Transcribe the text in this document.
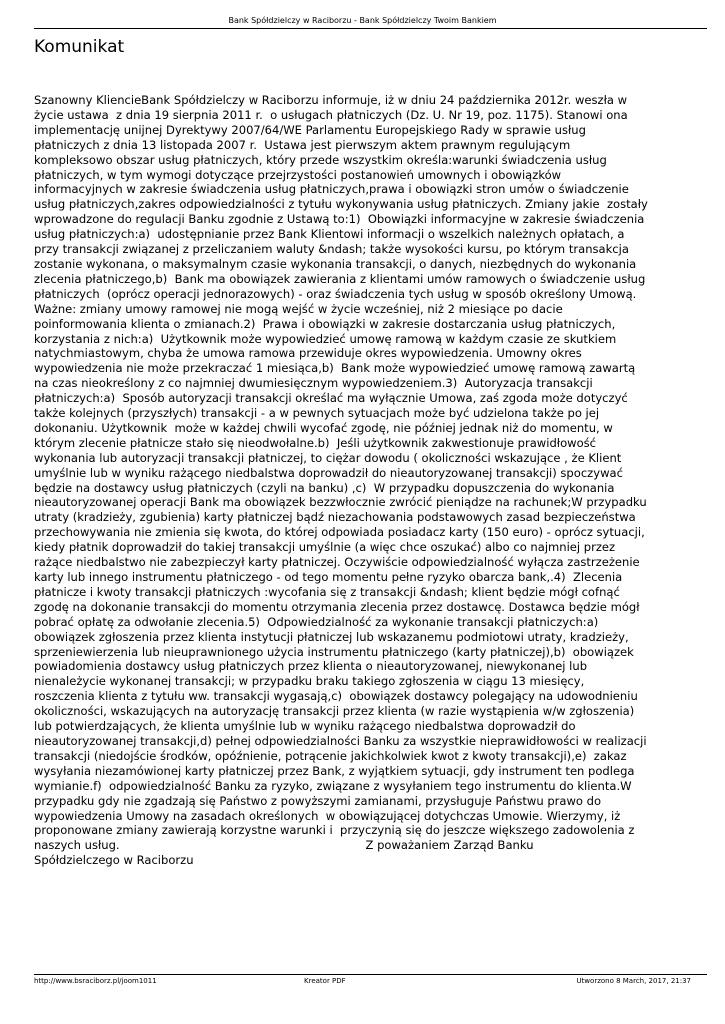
Bank Spółdzielczy w Raciborzu - Bank Spółdzielczy Twoim Bankiem
Komunikat
Szanowny KliencieBank Spółdzielczy w Raciborzu informuje, iż w dniu 24 października 2012r. weszła w
życie ustawa  z dnia 19 sierpnia 2011 r.  o usługach płatniczych (Dz. U. Nr 19, poz. 1175). Stanowi ona
implementację unijnej Dyrektywy 2007/64/WE Parlamentu Europejskiego Rady w sprawie usług
płatniczych z dnia 13 listopada 2007 r.  Ustawa jest pierwszym aktem prawnym regulującym
kompleksowo obszar usług płatniczych, który przede wszystkim określa:warunki świadczenia usług
płatniczych, w tym wymogi dotyczące przejrzystości postanowień umownych i obowiązków
informacyjnych w zakresie świadczenia usług płatniczych,prawa i obowiązki stron umów o świadczenie
usług płatniczych,zakres odpowiedzialności z tytułu wykonywania usług płatniczych. Zmiany jakie  zostały
wprowadzone do regulacji Banku zgodnie z Ustawą to:1)  Obowiązki informacyjne w zakresie świadczenia
usług płatniczych:a)  udostępnianie przez Bank Klientowi informacji o wszelkich należnych opłatach, a
przy transakcji związanej z przeliczaniem waluty &ndash; także wysokości kursu, po którym transakcja
zostanie wykonana, o maksymalnym czasie wykonania transakcji, o danych, niezbędnych do wykonania
zlecenia płatniczego,b)  Bank ma obowiązek zawierania z klientami umów ramowych o świadczenie usług
płatniczych  (oprócz operacji jednorazowych) - oraz świadczenia tych usług w sposób określony Umową.
Ważne: zmiany umowy ramowej nie mogą wejść w życie wcześniej, niż 2 miesiące po dacie
poinformowania klienta o zmianach.2)  Prawa i obowiązki w zakresie dostarczania usług płatniczych,
korzystania z nich:a)  Użytkownik może wypowiedzieć umowę ramową w każdym czasie ze skutkiem
natychmiastowym, chyba że umowa ramowa przewiduje okres wypowiedzenia. Umowny okres
wypowiedzenia nie może przekraczać 1 miesiąca,b)  Bank może wypowiedzieć umowę ramową zawartą
na czas nieokreślony z co najmniej dwumiesięcznym wypowiedzeniem.3)  Autoryzacja transakcji
płatniczych:a)  Sposób autoryzacji transakcji określać ma wyłącznie Umowa, zaś zgoda może dotyczyć
także kolejnych (przyszłych) transakcji - a w pewnych sytuacjach może być udzielona także po jej
dokonaniu. Użytkownik  może w każdej chwili wycofać zgodę, nie później jednak niż do momentu, w
którym zlecenie płatnicze stało się nieodwołalne.b)  Jeśli użytkownik zakwestionuje prawidłowość
wykonania lub autoryzacji transakcji płatniczej, to ciężar dowodu ( okoliczności wskazujące , że Klient
umyślnie lub w wyniku rażącego niedbalstwa doprowadził do nieautoryzowanej transakcji) spoczywać
będzie na dostawcy usług płatniczych (czyli na banku) ,c)  W przypadku dopuszczenia do wykonania
nieautoryzowanej operacji Bank ma obowiązek bezzwłocznie zwrócić pieniądze na rachunek;W przypadku
utraty (kradzieży, zgubienia) karty płatniczej bądź niezachowania podstawowych zasad bezpieczeństwa
przechowywania nie zmienia się kwota, do której odpowiada posiadacz karty (150 euro) - oprócz sytuacji,
kiedy płatnik doprowadził do takiej transakcji umyślnie (a więc chce oszukać) albo co najmniej przez
rażące niedbalstwo nie zabezpieczył karty płatniczej. Oczywiście odpowiedzialność wyłącza zastrzeżenie
karty lub innego instrumentu płatniczego - od tego momentu pełne ryzyko obarcza bank,.4)  Zlecenia
płatnicze i kwoty transakcji płatniczych :wycofania się z transakcji &ndash; klient będzie mógł cofnąć
zgodę na dokonanie transakcji do momentu otrzymania zlecenia przez dostawcę. Dostawca będzie mógł
pobrać opłatę za odwołanie zlecenia.5)  Odpowiedzialność za wykonanie transakcji płatniczych:a)
obowiązek zgłoszenia przez klienta instytucji płatniczej lub wskazanemu podmiotowi utraty, kradzieży,
sprzeniewierzenia lub nieuprawnionego użycia instrumentu płatniczego (karty płatniczej),b)  obowiązek
powiadomienia dostawcy usług płatniczych przez klienta o nieautoryzowanej, niewykonanej lub
nienależycie wykonanej transakcji; w przypadku braku takiego zgłoszenia w ciągu 13 miesięcy,
roszczenia klienta z tytułu ww. transakcji wygasają,c)  obowiązek dostawcy polegający na udowodnieniu
okoliczności, wskazujących na autoryzację transakcji przez klienta (w razie wystąpienia w/w zgłoszenia)
lub potwierdzających, że klienta umyślnie lub w wyniku rażącego niedbalstwa doprowadził do
nieautoryzowanej transakcji,d) pełnej odpowiedzialności Banku za wszystkie nieprawidłowości w realizacji
transakcji (niedojście środków, opóźnienie, potrącenie jakichkolwiek kwot z kwoty transakcji),e)  zakaz
wysyłania niezamówionej karty płatniczej przez Bank, z wyjątkiem sytuacji, gdy instrument ten podlega
wymianie.f)  odpowiedzialność Banku za ryzyko, związane z wysyłaniem tego instrumentu do klienta.W
przypadku gdy nie zgadzają się Państwo z powyższymi zamianami, przysługuje Państwu prawo do
wypowiedzenia Umowy na zasadach określonych  w obowiązującej dotychczas Umowie. Wierzymy, iż
proponowane zmiany zawierają korzystne warunki i  przyczynią się do jeszcze większego zadowolenia z
naszych usług.                                                                   Z poważaniem Zarząd Banku
Spółdzielczego w Raciborzu
http://www.bsraciborz.pl/joom1011	Kreator PDF	Utworzono 8 March, 2017, 21:37
